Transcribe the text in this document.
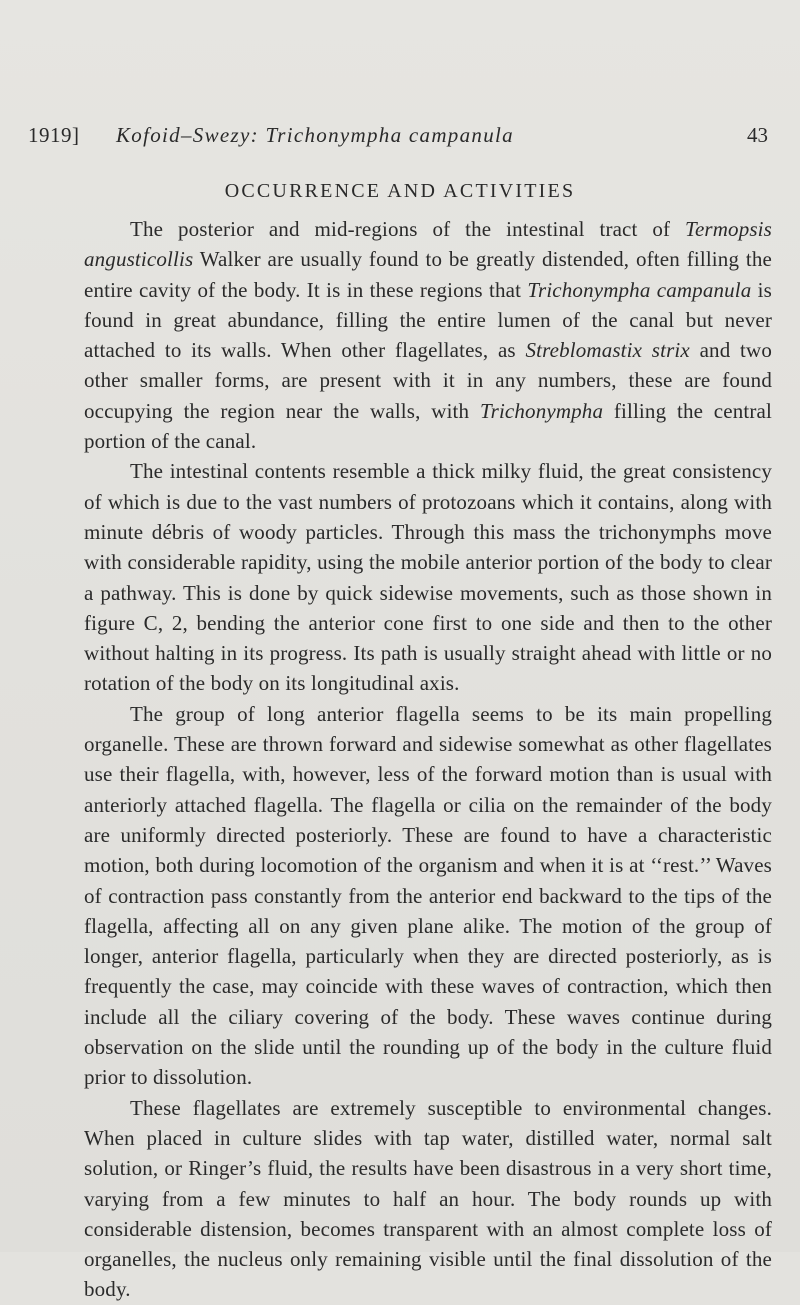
1919] Kofoid–Swezy: Trichonympha campanula	43
OCCURRENCE AND ACTIVITIES

The posterior and mid-regions of the intestinal tract of Termopsis angusticollis Walker are usually found to be greatly distended, often filling the entire cavity of the body. It is in these regions that Trichonympha campanula is found in great abundance, filling the entire lumen of the canal but never attached to its walls. When other flagellates, as Streblomastix strix and two other smaller forms, are present with it in any numbers, these are found occupying the region near the walls, with Trichonympha filling the central portion of the canal.

The intestinal contents resemble a thick milky fluid, the great consistency of which is due to the vast numbers of protozoans which it contains, along with minute débris of woody particles. Through this mass the trichonymphs move with considerable rapidity, using the mobile anterior portion of the body to clear a pathway. This is done by quick sidewise movements, such as those shown in figure C, 2, bending the anterior cone first to one side and then to the other without halting in its progress. Its path is usually straight ahead with little or no rotation of the body on its longitudinal axis.

The group of long anterior flagella seems to be its main propelling organelle. These are thrown forward and sidewise somewhat as other flagellates use their flagella, with, however, less of the forward motion than is usual with anteriorly attached flagella. The flagella or cilia on the remainder of the body are uniformly directed posteriorly. These are found to have a characteristic motion, both during locomotion of the organism and when it is at ‘‘rest.’’ Waves of contraction pass constantly from the anterior end backward to the tips of the flagella, affecting all on any given plane alike. The motion of the group of longer, anterior flagella, particularly when they are directed posteriorly, as is frequently the case, may coincide with these waves of contraction, which then include all the ciliary covering of the body. These waves continue during observation on the slide until the rounding up of the body in the culture fluid prior to dissolution.

These flagellates are extremely susceptible to environmental changes. When placed in culture slides with tap water, distilled water, normal salt solution, or Ringer’s fluid, the results have been disastrous in a very short time, varying from a few minutes to half an hour. The body rounds up with considerable distension, becomes transparent with an almost complete loss of organelles, the nucleus only remaining visible until the final dissolution of the body.
